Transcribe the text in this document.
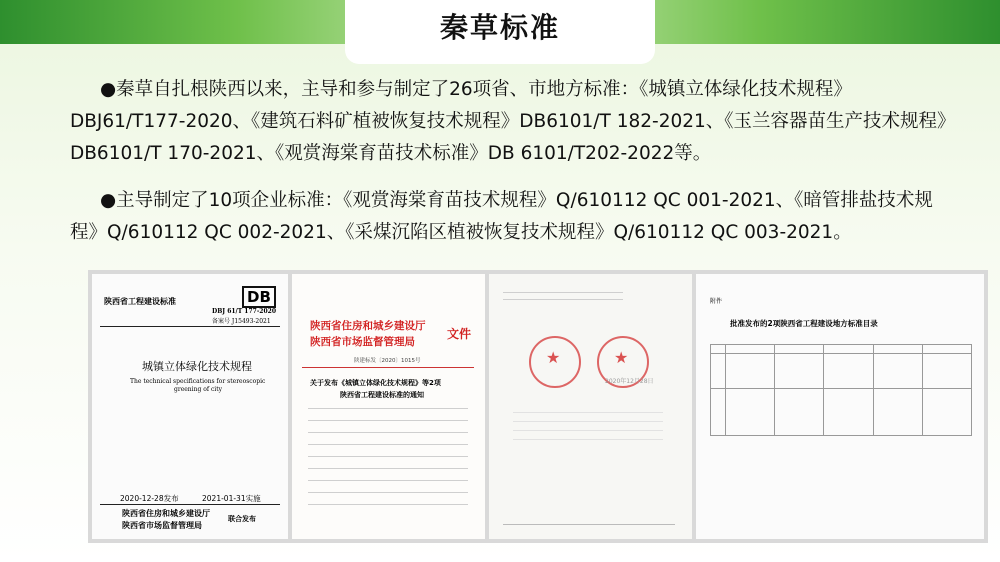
秦草标准

●秦草自扎根陕西以来，主导和参与制定了26项省、市地方标准：《城镇立体绿化技术规程》DBJ61/T177-2020、《建筑石料矿植被恢复技术规程》DB6101/T 182-2021、《玉兰容器苗生产技术规程》DB6101/T 170-2021、《观赏海棠育苗技术标准》DB 6101/T202-2022等。

●主导制定了10项企业标准：《观赏海棠育苗技术规程》Q/610112 QC 001-2021、《暗管排盐技术规程》Q/610112 QC 002-2021、《采煤沉陷区植被恢复技术规程》Q/610112 QC 003-2021。

陕西省工程建设标准	DB
DBJ 61/T 177-2020
备案号 J15493-2021
城镇立体绿化技术规程
The technical specifications for stereoscopic
greening of city
2020-12-28发布	2021-01-31实施
陕西省住房和城乡建设厅
陕西省市场监督管理局
联合发布
陕西省住房和城乡建设厅
陕西省市场监督管理局
文件
陕建标发〔2020〕1015号
关于发布《城镇立体绿化技术规程》等2项
陕西省工程建设标准的通知
★
★
2020年12月28日
附件
批准发布的2项陕西省工程建设地方标准目录
